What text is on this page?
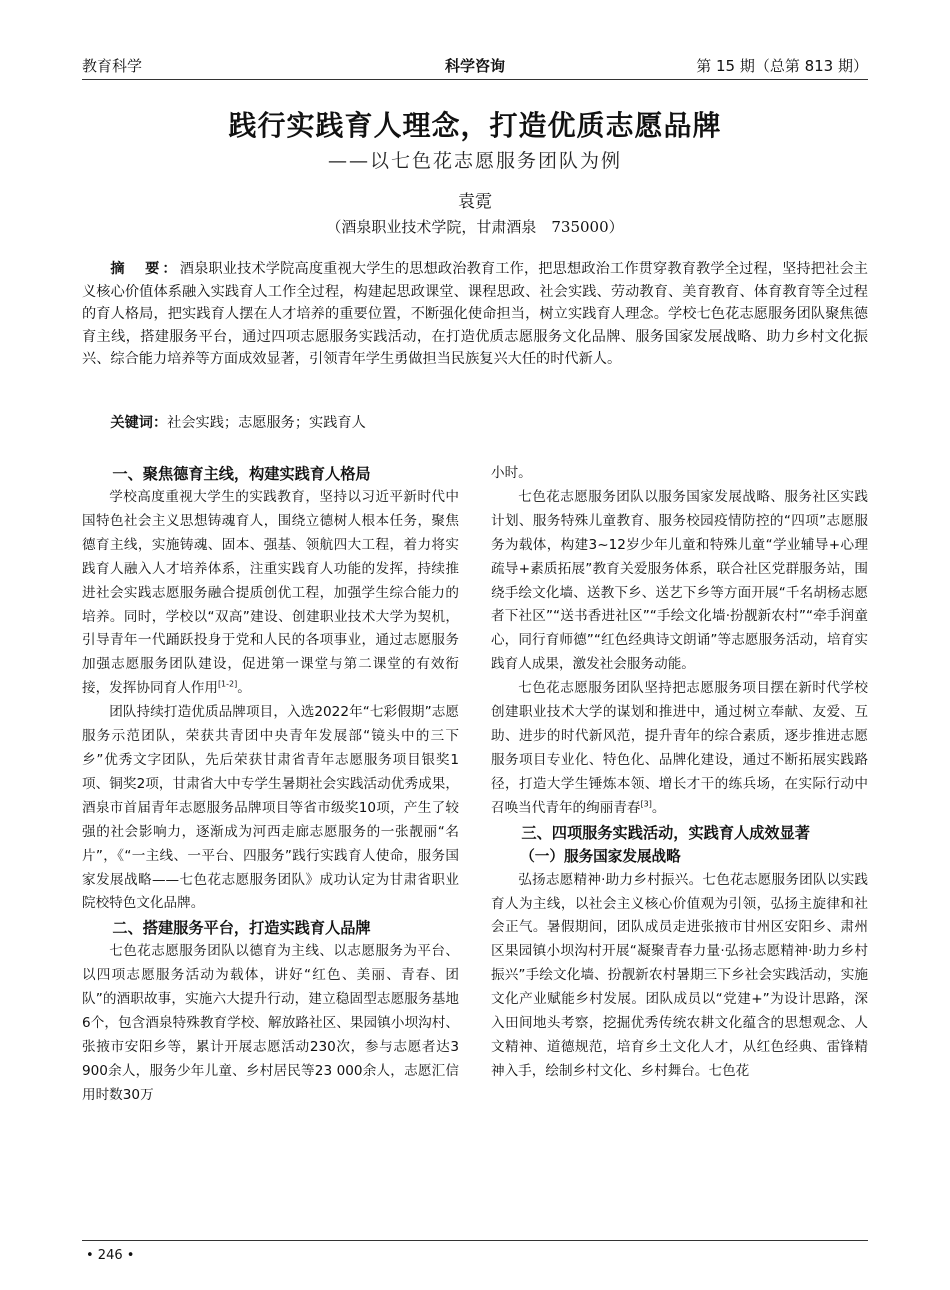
教育科学	科学咨询	第 15 期（总第 813 期）
践行实践育人理念，打造优质志愿品牌
——以七色花志愿服务团队为例
袁霓
（酒泉职业技术学院，甘肃酒泉　735000）
摘　要：酒泉职业技术学院高度重视大学生的思想政治教育工作，把思想政治工作贯穿教育教学全过程，坚持把社会主义核心价值体系融入实践育人工作全过程，构建起思政课堂、课程思政、社会实践、劳动教育、美育教育、体育教育等全过程的育人格局，把实践育人摆在人才培养的重要位置，不断强化使命担当，树立实践育人理念。学校七色花志愿服务团队聚焦德育主线，搭建服务平台，通过四项志愿服务实践活动，在打造优质志愿服务文化品牌、服务国家发展战略、助力乡村文化振兴、综合能力培养等方面成效显著，引领青年学生勇做担当民族复兴大任的时代新人。
关键词：社会实践；志愿服务；实践育人
一、聚焦德育主线，构建实践育人格局

学校高度重视大学生的实践教育，坚持以习近平新时代中国特色社会主义思想铸魂育人，围绕立德树人根本任务，聚焦德育主线，实施铸魂、固本、强基、领航四大工程，着力将实践育人融入人才培养体系，注重实践育人功能的发挥，持续推进社会实践志愿服务融合提质创优工程，加强学生综合能力的培养。同时，学校以“双高”建设、创建职业技术大学为契机，引导青年一代踊跃投身于党和人民的各项事业，通过志愿服务加强志愿服务团队建设，促进第一课堂与第二课堂的有效衔接，发挥协同育人作用[1-2]。

团队持续打造优质品牌项目，入选2022年“七彩假期”志愿服务示范团队，荣获共青团中央青年发展部“镜头中的三下乡”优秀文字团队，先后荣获甘肃省青年志愿服务项目银奖1项、铜奖2项，甘肃省大中专学生暑期社会实践活动优秀成果，酒泉市首届青年志愿服务品牌项目等省市级奖10项，产生了较强的社会影响力，逐渐成为河西走廊志愿服务的一张靓丽“名片”，《“一主线、一平台、四服务”践行实践育人使命，服务国家发展战略——七色花志愿服务团队》成功认定为甘肃省职业院校特色文化品牌。

二、搭建服务平台，打造实践育人品牌

七色花志愿服务团队以德育为主线、以志愿服务为平台、以四项志愿服务活动为载体，讲好“红色、美丽、青春、团队”的酒职故事，实施六大提升行动，建立稳固型志愿服务基地6个，包含酒泉特殊教育学校、解放路社区、果园镇小坝沟村、张掖市安阳乡等，累计开展志愿活动230次，参与志愿者达3 900余人，服务少年儿童、乡村居民等23 000余人，志愿汇信用时数30万

小时。

七色花志愿服务团队以服务国家发展战略、服务社区实践计划、服务特殊儿童教育、服务校园疫情防控的“四项”志愿服务为载体，构建3~12岁少年儿童和特殊儿童“学业辅导+心理疏导+素质拓展”教育关爱服务体系，联合社区党群服务站，围绕手绘文化墙、送教下乡、送艺下乡等方面开展“千名胡杨志愿者下社区”“送书香进社区”“手绘文化墙·扮靓新农村”“牵手润童心，同行育师德”“红色经典诗文朗诵”等志愿服务活动，培育实践育人成果，激发社会服务动能。

七色花志愿服务团队坚持把志愿服务项目摆在新时代学校创建职业技术大学的谋划和推进中，通过树立奉献、友爱、互助、进步的时代新风范，提升青年的综合素质，逐步推进志愿服务项目专业化、特色化、品牌化建设，通过不断拓展实践路径，打造大学生锤炼本领、增长才干的练兵场，在实际行动中召唤当代青年的绚丽青春[3]。

三、四项服务实践活动，实践育人成效显著
（一）服务国家发展战略

弘扬志愿精神·助力乡村振兴。七色花志愿服务团队以实践育人为主线，以社会主义核心价值观为引领，弘扬主旋律和社会正气。暑假期间，团队成员走进张掖市甘州区安阳乡、肃州区果园镇小坝沟村开展“凝聚青春力量·弘扬志愿精神·助力乡村振兴”手绘文化墙、扮靓新农村暑期三下乡社会实践活动，实施文化产业赋能乡村发展。团队成员以“党建+”为设计思路，深入田间地头考察，挖掘优秀传统农耕文化蕴含的思想观念、人文精神、道德规范，培育乡土文化人才，从红色经典、雷锋精神入手，绘制乡村文化、乡村舞台。七色花

• 246 •
